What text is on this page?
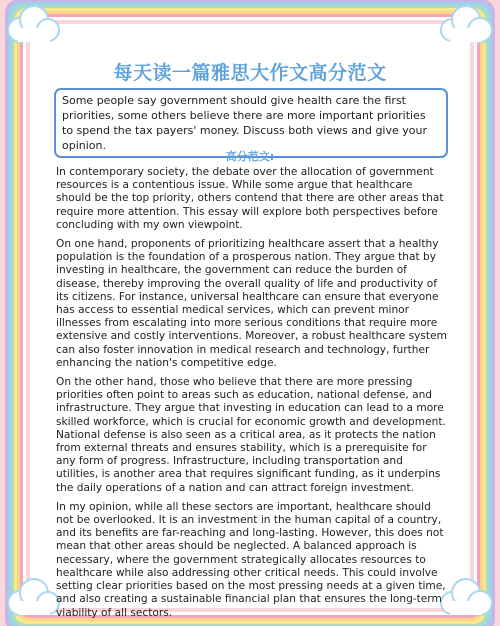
每天读一篇雅思大作文高分范文
Some people say government should give health care the first priorities, some others believe there are more important priorities to spend the tax payers' money. Discuss both views and give your opinion.
高分范文:

In contemporary society, the debate over the allocation of government resources is a contentious issue. While some argue that healthcare should be the top priority, others contend that there are other areas that require more attention. This essay will explore both perspectives before concluding with my own viewpoint.

On one hand, proponents of prioritizing healthcare assert that a healthy population is the foundation of a prosperous nation. They argue that by investing in healthcare, the government can reduce the burden of disease, thereby improving the overall quality of life and productivity of its citizens. For instance, universal healthcare can ensure that everyone has access to essential medical services, which can prevent minor illnesses from escalating into more serious conditions that require more extensive and costly interventions. Moreover, a robust healthcare system can also foster innovation in medical research and technology, further enhancing the nation's competitive edge.

On the other hand, those who believe that there are more pressing priorities often point to areas such as education, national defense, and infrastructure. They argue that investing in education can lead to a more skilled workforce, which is crucial for economic growth and development. National defense is also seen as a critical area, as it protects the nation from external threats and ensures stability, which is a prerequisite for any form of progress. Infrastructure, including transportation and utilities, is another area that requires significant funding, as it underpins the daily operations of a nation and can attract foreign investment.

In my opinion, while all these sectors are important, healthcare should not be overlooked. It is an investment in the human capital of a country, and its benefits are far-reaching and long-lasting. However, this does not mean that other areas should be neglected. A balanced approach is necessary, where the government strategically allocates resources to healthcare while also addressing other critical needs. This could involve setting clear priorities based on the most pressing needs at a given time, and also creating a sustainable financial plan that ensures the long-term viability of all sectors.
